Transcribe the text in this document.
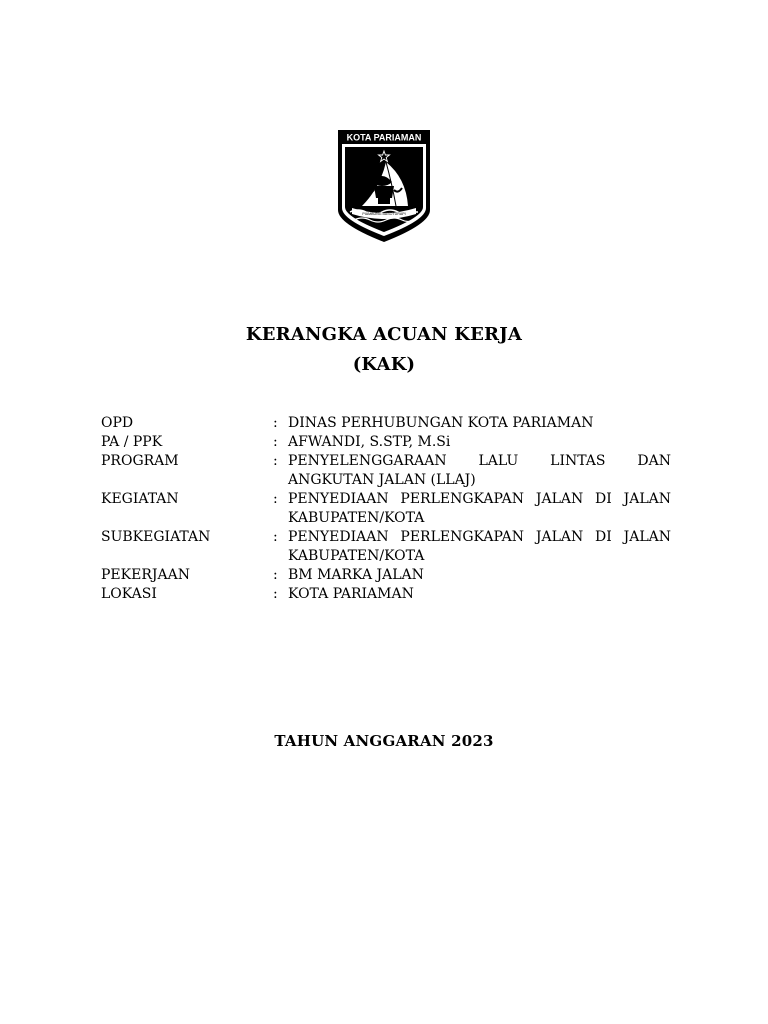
KOTA PARIAMAN
PIAMBUNG BASOTURAPI
KERANGKA ACUAN KERJA
(KAK)
OPD	: DINAS PERHUBUNGAN KOTA PARIAMAN
PA / PPK	: AFWANDI, S.STP, M.Si
PROGRAM	: PENYELENGGARAAN LALU LINTAS DAN ANGKUTAN JALAN (LLAJ)
KEGIATAN	: PENYEDIAAN PERLENGKAPAN JALAN DI JALAN KABUPATEN/KOTA
SUBKEGIATAN	: PENYEDIAAN PERLENGKAPAN JALAN DI JALAN KABUPATEN/KOTA
PEKERJAAN	: BM MARKA JALAN
LOKASI	: KOTA PARIAMAN
TAHUN ANGGARAN 2023
